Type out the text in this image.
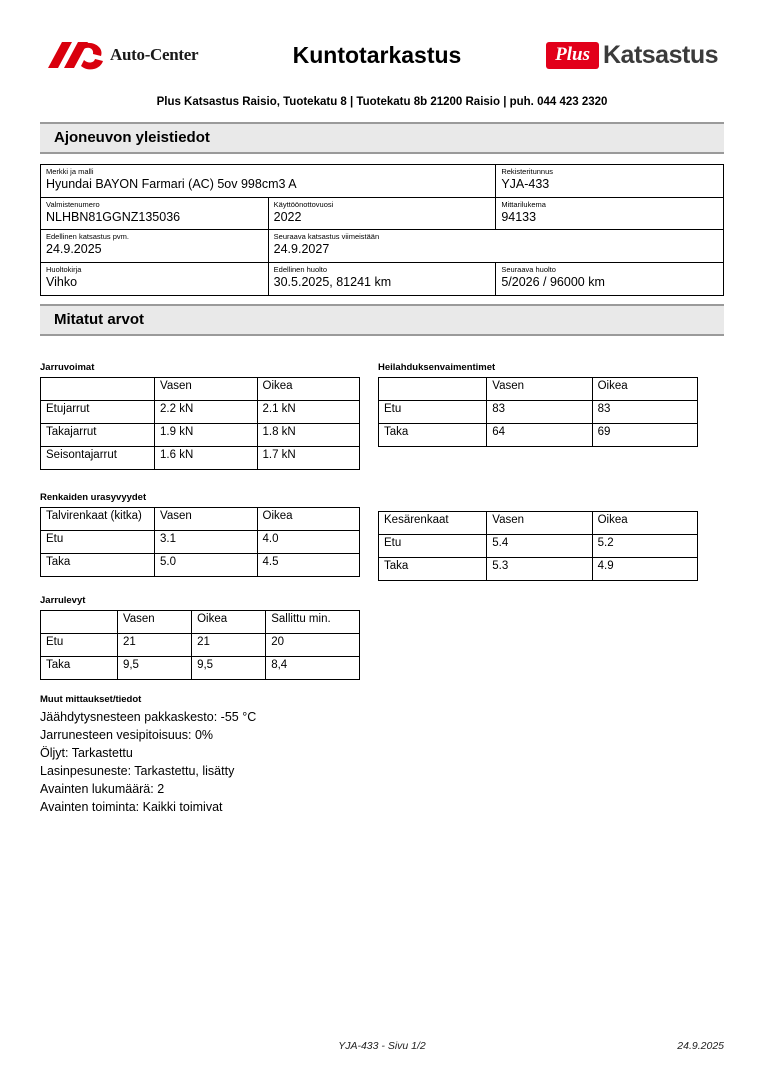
Auto-Center	Kuntotarkastus	Plus Katsastus
Plus Katsastus Raisio, Tuotekatu 8 | Tuotekatu 8b 21200 Raisio | puh. 044 423 2320
Ajoneuvon yleistiedot
Merkki ja malli
Hyundai BAYON Farmari (AC) 5ov 998cm3 A		Rekisteritunnus
YJA-433

Valmistenumero
NLHBN81GGNZ135036	Käyttöönottovuosi
2022	Mittarilukema
94133

Edellinen katsastus pvm.
24.9.2025	Seuraava katsastus viimeistään
24.9.2027	

Huoltokirja
Vihko	Edellinen huolto
30.5.2025, 81241 km	Seuraava huolto
5/2026 / 96000 km
Mitatut arvot
Jarruvoimat
	Vasen	Oikea
Etujarrut	2.2 kN	2.1 kN
Takajarrut	1.9 kN	1.8 kN
Seisontajarrut	1.6 kN	1.7 kN
Heilahduksenvaimentimet
	Vasen	Oikea
Etu	83	83
Taka	64	69
Renkaiden urasyvyydet
Talvirenkaat (kitka)	Vasen	Oikea
Etu	3.1	4.0
Taka	5.0	4.5
Kesärenkaat	Vasen	Oikea
Etu	5.4	5.2
Taka	5.3	4.9
Jarrulevyt
	Vasen	Oikea	Sallittu min.
Etu	21	21	20
Taka	9,5	9,5	8,4
Muut mittaukset/tiedot
Jäähdytysnesteen pakkaskesto: -55 °C
Jarrunesteen vesipitoisuus: 0%
Öljyt: Tarkastettu
Lasinpesuneste: Tarkastettu, lisätty
Avainten lukumäärä: 2
Avainten toiminta: Kaikki toimivat
YJA-433 - Sivu 1/2	24.9.2025
